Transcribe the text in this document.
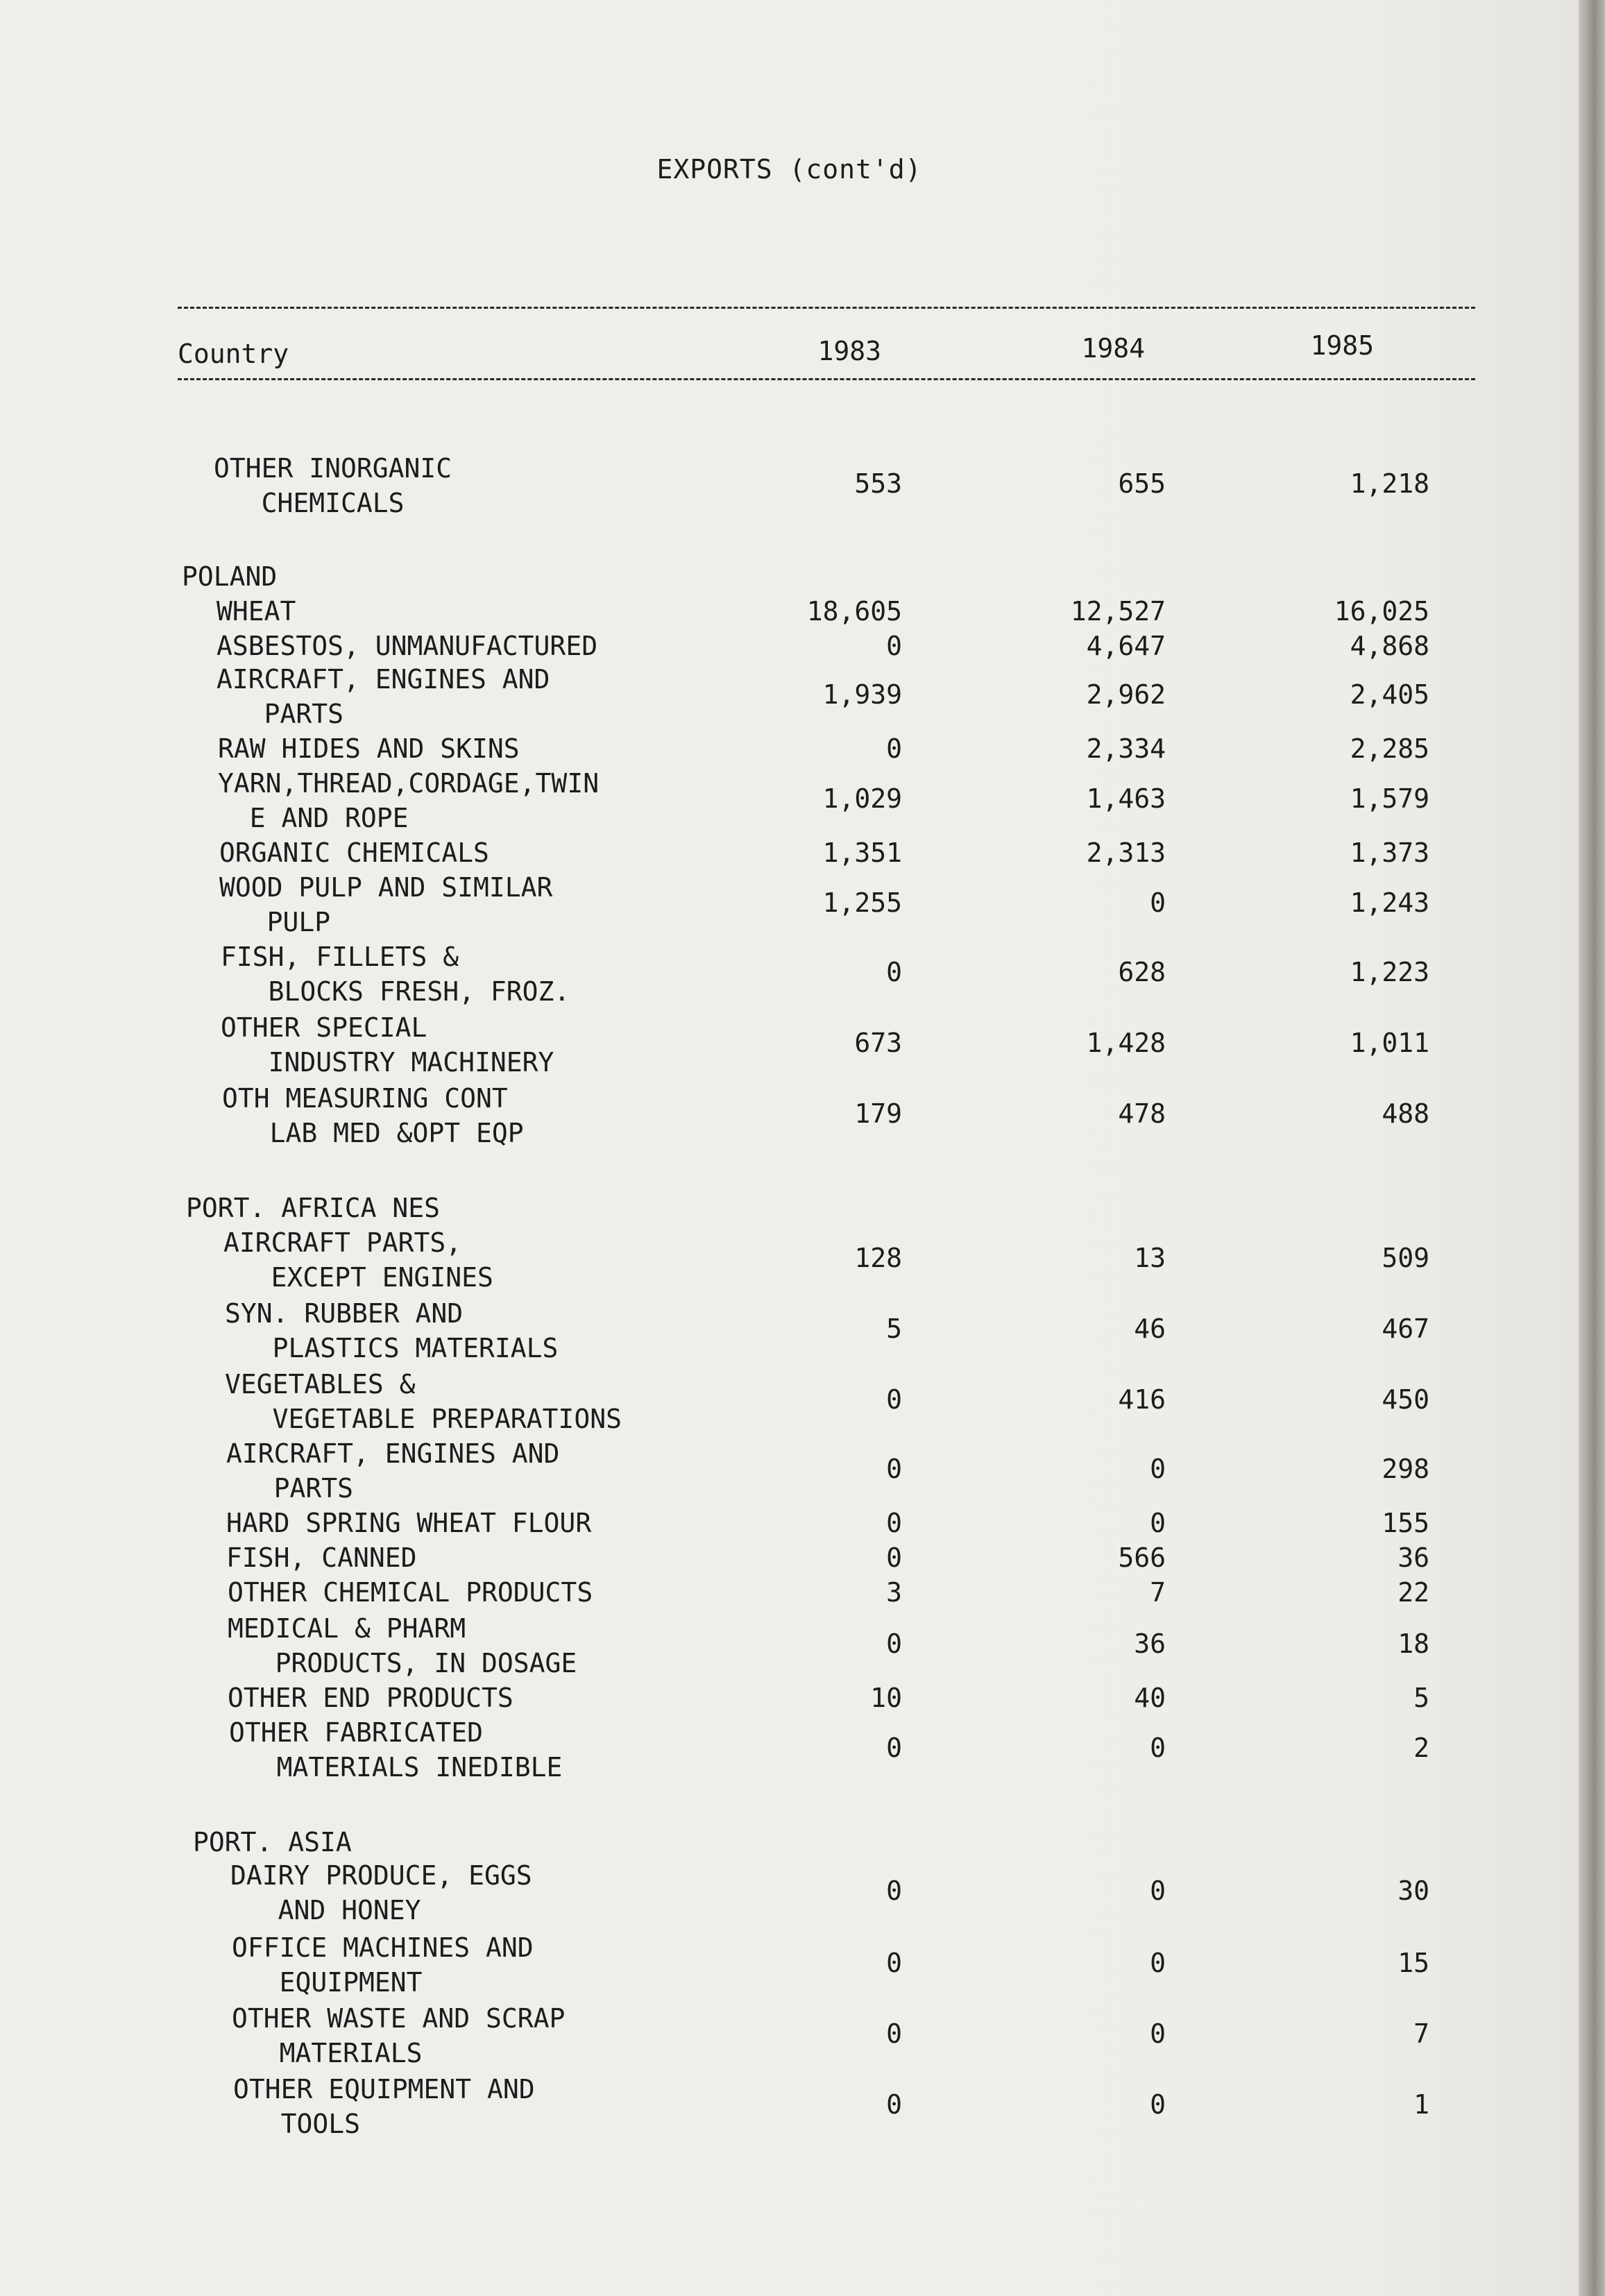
EXPORTS (cont'd)
Country	1983	1984	1985
OTHER INORGANIC
CHEMICALS
553	655	1,218
POLAND
WHEAT	18,605	12,527	16,025
ASBESTOS, UNMANUFACTURED	0	4,647	4,868
AIRCRAFT, ENGINES AND
PARTS
1,939	2,962	2,405
RAW HIDES AND SKINS	0	2,334	2,285
YARN,THREAD,CORDAGE,TWIN
E AND ROPE
1,029	1,463	1,579
ORGANIC CHEMICALS	1,351	2,313	1,373
WOOD PULP AND SIMILAR
PULP
1,255	0	1,243
FISH, FILLETS &
BLOCKS FRESH, FROZ.
0	628	1,223
OTHER SPECIAL
INDUSTRY MACHINERY
673	1,428	1,011
OTH MEASURING CONT
LAB MED &OPT EQP
179	478	488
PORT. AFRICA NES
AIRCRAFT PARTS,
EXCEPT ENGINES
128	13	509
SYN. RUBBER AND
PLASTICS MATERIALS
5	46	467
VEGETABLES &
VEGETABLE PREPARATIONS
0	416	450
AIRCRAFT, ENGINES AND
PARTS
0	0	298
HARD SPRING WHEAT FLOUR	0	0	155
FISH, CANNED	0	566	36
OTHER CHEMICAL PRODUCTS	3	7	22
MEDICAL & PHARM
PRODUCTS, IN DOSAGE
0	36	18
OTHER END PRODUCTS	10	40	5
OTHER FABRICATED
MATERIALS INEDIBLE
0	0	2
PORT. ASIA
DAIRY PRODUCE, EGGS
AND HONEY
0	0	30
OFFICE MACHINES AND
EQUIPMENT
0	0	15
OTHER WASTE AND SCRAP
MATERIALS
0	0	7
OTHER EQUIPMENT AND
TOOLS
0	0	1
